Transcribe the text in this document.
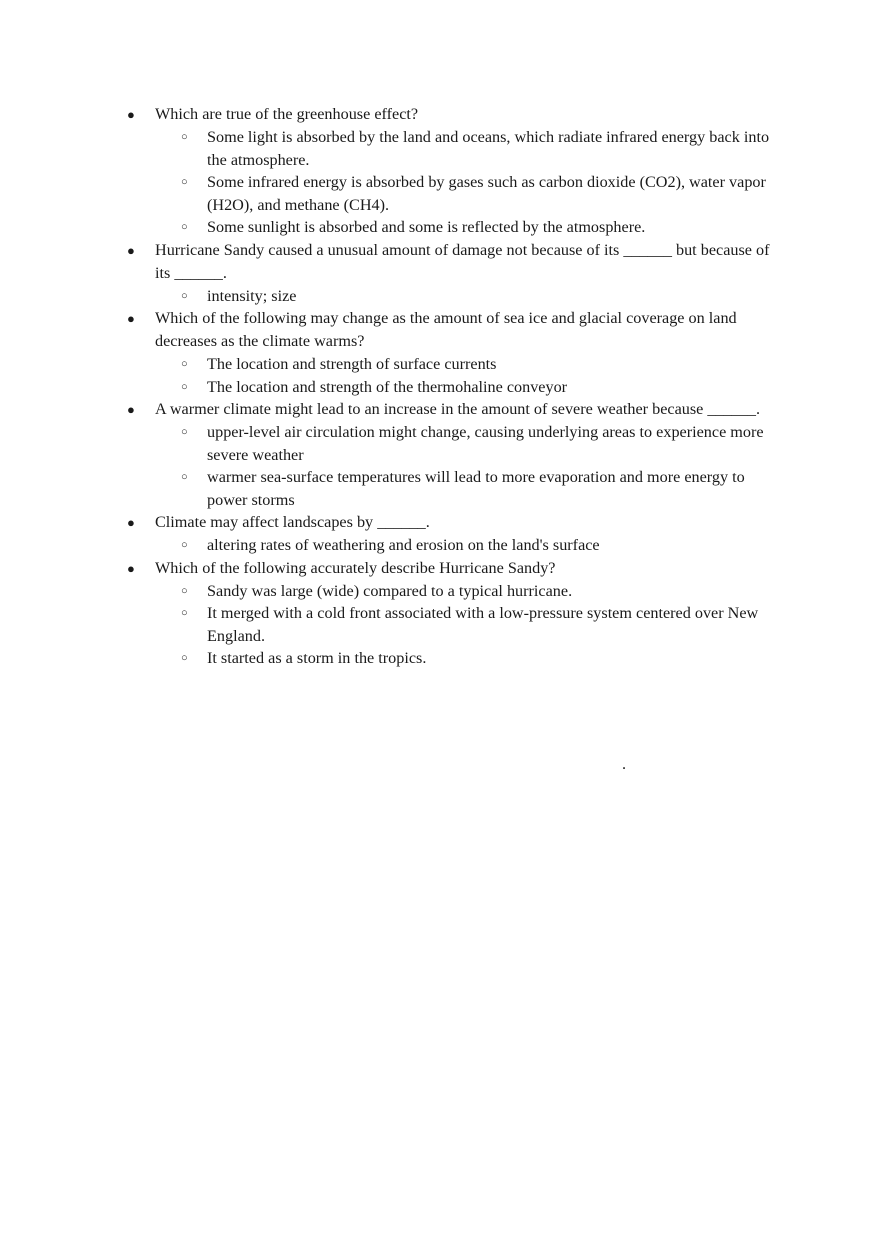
●	Which are true of the greenhouse effect?
○ Some light is absorbed by the land and oceans, which radiate infrared energy back into the atmosphere.
○ Some infrared energy is absorbed by gases such as carbon dioxide (CO2), water vapor (H2O), and methane (CH4).
○ Some sunlight is absorbed and some is reflected by the atmosphere.
●	Hurricane Sandy caused a unusual amount of damage not because of its ______ but because of its ______.
○ intensity; size
●	Which of the following may change as the amount of sea ice and glacial coverage on land decreases as the climate warms?
○ The location and strength of surface currents
○ The location and strength of the thermohaline conveyor
●	A warmer climate might lead to an increase in the amount of severe weather because ______.
○ upper-level air circulation might change, causing underlying areas to experience more severe weather
○ warmer sea-surface temperatures will lead to more evaporation and more energy to power storms
●	Climate may affect landscapes by ______.
○ altering rates of weathering and erosion on the land's surface
●	Which of the following accurately describe Hurricane Sandy?
○ Sandy was large (wide) compared to a typical hurricane.
○ It merged with a cold front associated with a low-pressure system centered over New England.
○ It started as a storm in the tropics.
.
